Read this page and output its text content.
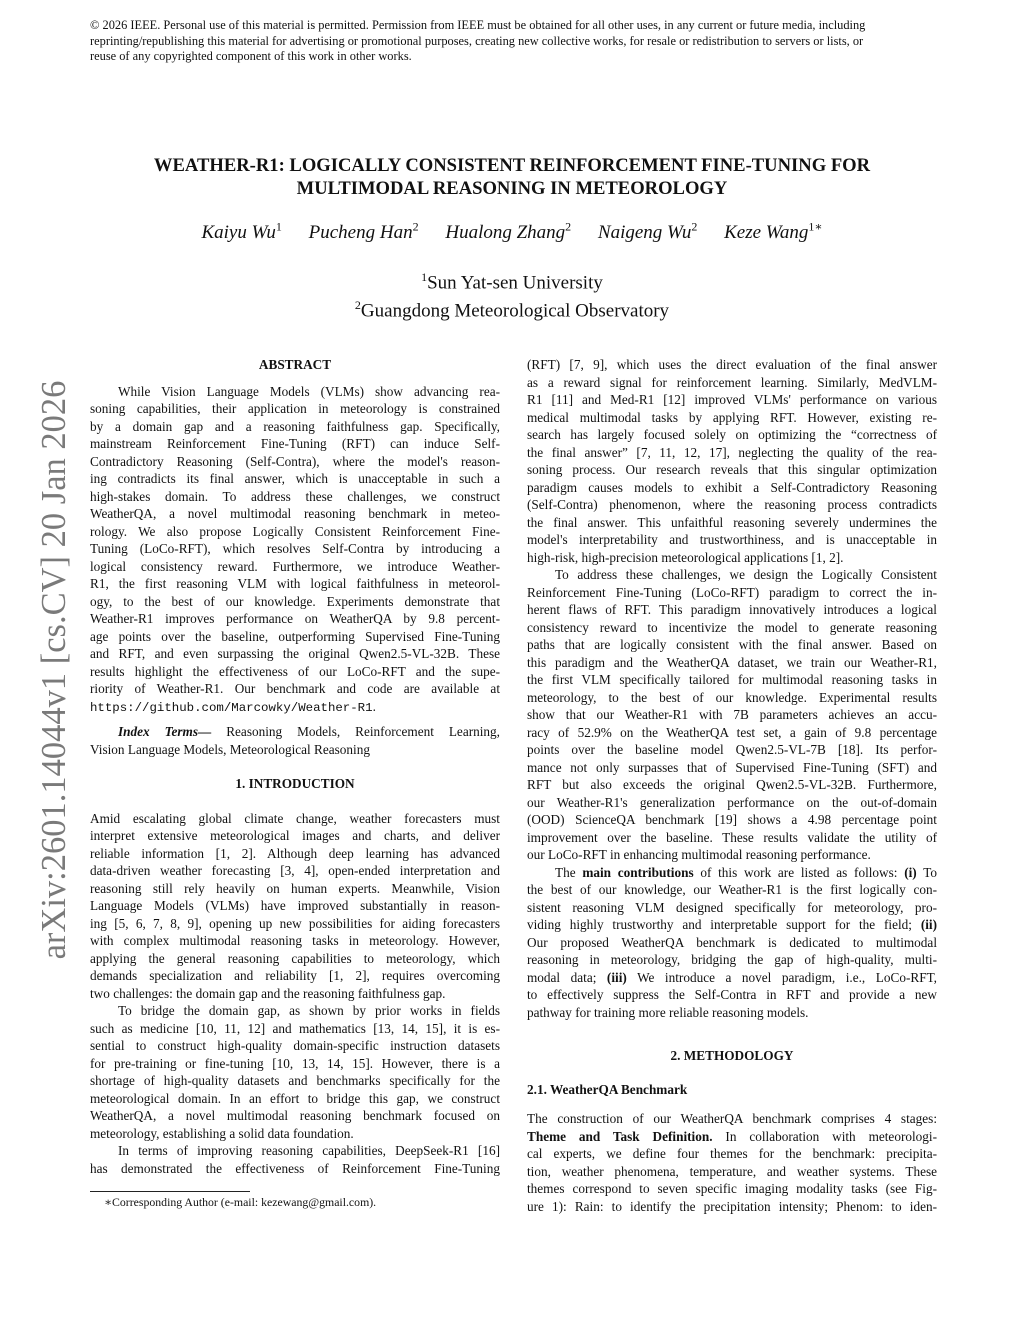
© 2026 IEEE. Personal use of this material is permitted. Permission from IEEE must be obtained for all other uses, in any current or future media, including
reprinting/republishing this material for advertising or promotional purposes, creating new collective works, for resale or redistribution to servers or lists, or
reuse of any copyrighted component of this work in other works.
WEATHER-R1: LOGICALLY CONSISTENT REINFORCEMENT FINE-TUNING FOR
MULTIMODAL REASONING IN METEOROLOGY
Kaiyu Wu$^1$ Pucheng Han$^2$ Hualong Zhang$^2$ Naigeng Wu$^2$ Keze Wang$^{1∗}$
$^1$Sun Yat-sen University
$^2$Guangdong Meteorological Observatory
arXiv:2601.14044v1 [cs.CV] 20 Jan 2026
ABSTRACT
While Vision Language Models (VLMs) show advancing rea-
soning capabilities, their application in meteorology is constrained
by a domain gap and a reasoning faithfulness gap. Specifically,
mainstream Reinforcement Fine-Tuning (RFT) can induce Self-
Contradictory Reasoning (Self-Contra), where the model's reason-
ing contradicts its final answer, which is unacceptable in such a
high-stakes domain. To address these challenges, we construct
WeatherQA, a novel multimodal reasoning benchmark in meteo-
rology. We also propose Logically Consistent Reinforcement Fine-
Tuning (LoCo-RFT), which resolves Self-Contra by introducing a
logical consistency reward. Furthermore, we introduce Weather-
R1, the first reasoning VLM with logical faithfulness in meteorol-
ogy, to the best of our knowledge. Experiments demonstrate that
Weather-R1 improves performance on WeatherQA by 9.8 percent-
age points over the baseline, outperforming Supervised Fine-Tuning
and RFT, and even surpassing the original Qwen2.5-VL-32B. These
results highlight the effectiveness of our LoCo-RFT and the supe-
riority of Weather-R1. Our benchmark and code are available at
https://github.com/Marcowky/Weather-R1.
Index Terms— Reasoning Models, Reinforcement Learning,
Vision Language Models, Meteorological Reasoning
1. INTRODUCTION
Amid escalating global climate change, weather forecasters must
interpret extensive meteorological images and charts, and deliver
reliable information [1, 2]. Although deep learning has advanced
data-driven weather forecasting [3, 4], open-ended interpretation and
reasoning still rely heavily on human experts. Meanwhile, Vision
Language Models (VLMs) have improved substantially in reason-
ing [5, 6, 7, 8, 9], opening up new possibilities for aiding forecasters
with complex multimodal reasoning tasks in meteorology. However,
applying the general reasoning capabilities to meteorology, which
demands specialization and reliability [1, 2], requires overcoming
two challenges: the domain gap and the reasoning faithfulness gap.
To bridge the domain gap, as shown by prior works in fields
such as medicine [10, 11, 12] and mathematics [13, 14, 15], it is es-
sential to construct high-quality domain-specific instruction datasets
for pre-training or fine-tuning [10, 13, 14, 15]. However, there is a
shortage of high-quality datasets and benchmarks specifically for the
meteorological domain. In an effort to bridge this gap, we construct
WeatherQA, a novel multimodal reasoning benchmark focused on
meteorology, establishing a solid data foundation.
In terms of improving reasoning capabilities, DeepSeek-R1 [16]
has demonstrated the effectiveness of Reinforcement Fine-Tuning
∗Corresponding Author (e-mail: kezewang@gmail.com).
(RFT) [7, 9], which uses the direct evaluation of the final answer
as a reward signal for reinforcement learning. Similarly, MedVLM-
R1 [11] and Med-R1 [12] improved VLMs' performance on various
medical multimodal tasks by applying RFT. However, existing re-
search has largely focused solely on optimizing the “correctness of
the final answer” [7, 11, 12, 17], neglecting the quality of the rea-
soning process. Our research reveals that this singular optimization
paradigm causes models to exhibit a Self-Contradictory Reasoning
(Self-Contra) phenomenon, where the reasoning process contradicts
the final answer. This unfaithful reasoning severely undermines the
model's interpretability and trustworthiness, and is unacceptable in
high-risk, high-precision meteorological applications [1, 2].
To address these challenges, we design the Logically Consistent
Reinforcement Fine-Tuning (LoCo-RFT) paradigm to correct the in-
herent flaws of RFT. This paradigm innovatively introduces a logical
consistency reward to incentivize the model to generate reasoning
paths that are logically consistent with the final answer. Based on
this paradigm and the WeatherQA dataset, we train our Weather-R1,
the first VLM specifically tailored for multimodal reasoning tasks in
meteorology, to the best of our knowledge. Experimental results
show that our Weather-R1 with 7B parameters achieves an accu-
racy of 52.9% on the WeatherQA test set, a gain of 9.8 percentage
points over the baseline model Qwen2.5-VL-7B [18]. Its perfor-
mance not only surpasses that of Supervised Fine-Tuning (SFT) and
RFT but also exceeds the original Qwen2.5-VL-32B. Furthermore,
our Weather-R1's generalization performance on the out-of-domain
(OOD) ScienceQA benchmark [19] shows a 4.98 percentage point
improvement over the baseline. These results validate the utility of
our LoCo-RFT in enhancing multimodal reasoning performance.
The main contributions of this work are listed as follows: (i) To
the best of our knowledge, our Weather-R1 is the first logically con-
sistent reasoning VLM designed specifically for meteorology, pro-
viding highly trustworthy and interpretable support for the field; (ii)
Our proposed WeatherQA benchmark is dedicated to multimodal
reasoning in meteorology, bridging the gap of high-quality, multi-
modal data; (iii) We introduce a novel paradigm, i.e., LoCo-RFT,
to effectively suppress the Self-Contra in RFT and provide a new
pathway for training more reliable reasoning models.
2. METHODOLOGY
2.1. WeatherQA Benchmark
The construction of our WeatherQA benchmark comprises 4 stages:
Theme and Task Definition. In collaboration with meteorologi-
cal experts, we define four themes for the benchmark: precipita-
tion, weather phenomena, temperature, and weather systems. These
themes correspond to seven specific imaging modality tasks (see Fig-
ure 1): Rain: to identify the precipitation intensity; Phenom: to iden-
